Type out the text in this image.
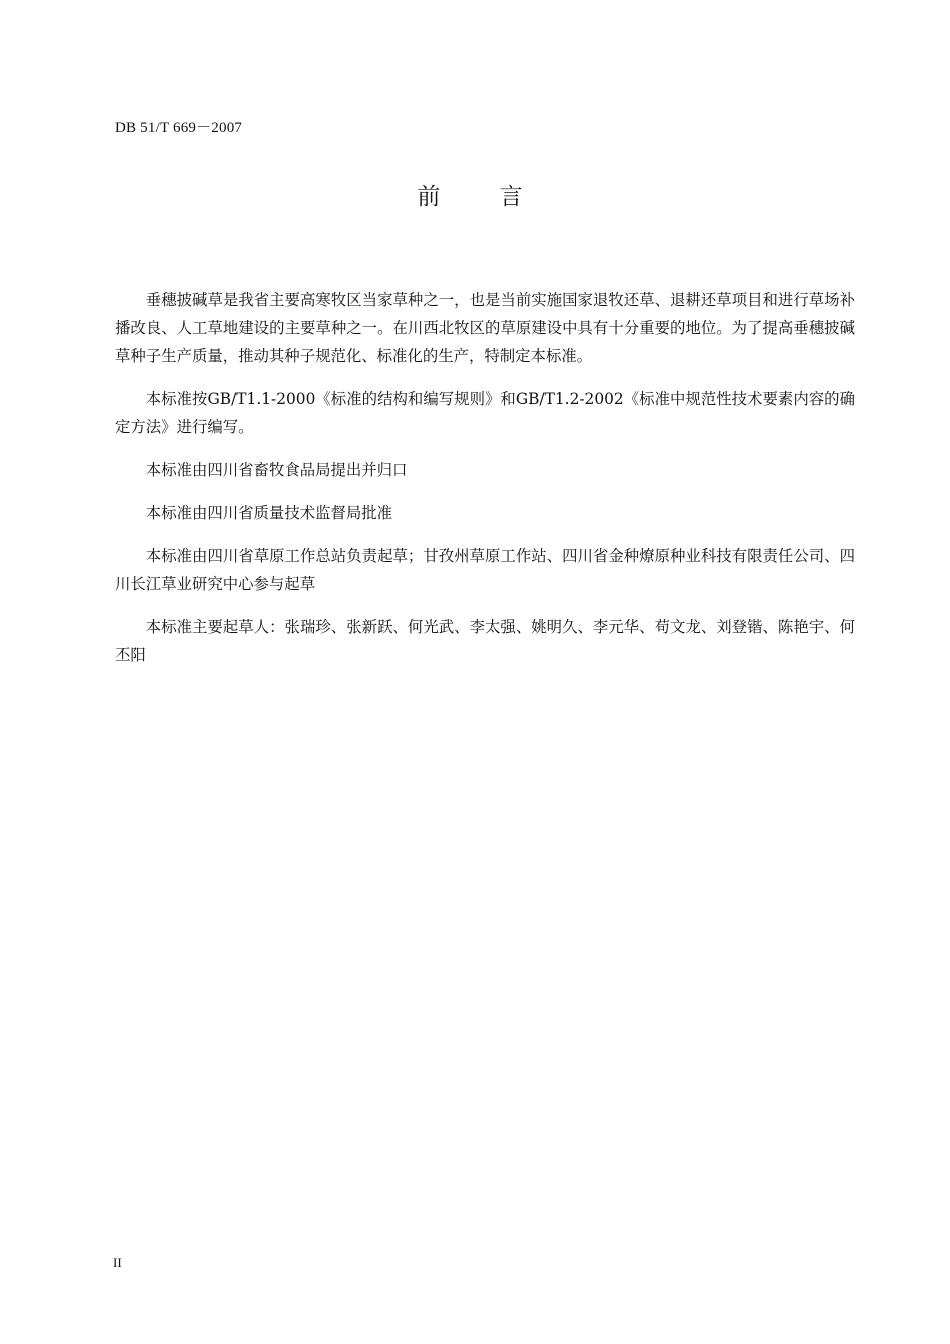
DB 51/T 669－2007
前 言

垂穗披碱草是我省主要高寒牧区当家草种之一，也是当前实施国家退牧还草、退耕还草项目和进行草场补播改良、人工草地建设的主要草种之一。在川西北牧区的草原建设中具有十分重要的地位。为了提高垂穗披碱草种子生产质量，推动其种子规范化、标准化的生产，特制定本标准。

本标准按GB/T1.1-2000《标准的结构和编写规则》和GB/T1.2-2002《标准中规范性技术要素内容的确定方法》进行编写。

本标准由四川省畜牧食品局提出并归口

本标准由四川省质量技术监督局批准

本标准由四川省草原工作总站负责起草；甘孜州草原工作站、四川省金种燎原种业科技有限责任公司、四川长江草业研究中心参与起草

本标准主要起草人：张瑞珍、张新跃、何光武、李太强、姚明久、李元华、苟文龙、刘登锴、陈艳宇、何丕阳

II
